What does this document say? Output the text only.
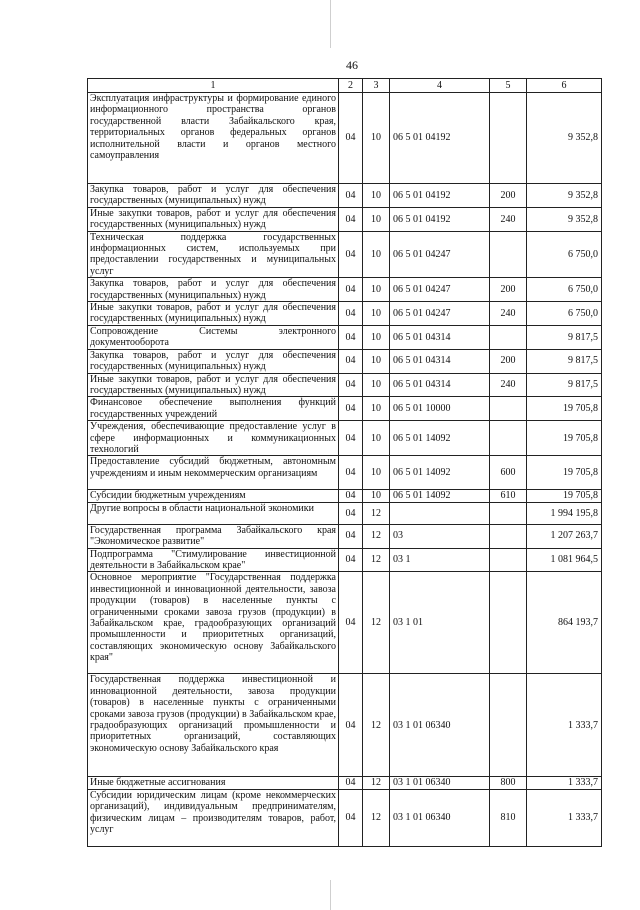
46
1	2	3	4	5	6
Эксплуатация инфраструктуры и формирование единого информационного пространства органов государственной власти Забайкальского края, территориальных органов федеральных органов исполнительной власти и органов местного самоуправления	04	10	06 5 01 04192		9 352,8
Закупка товаров, работ и услуг для обеспечения государственных (муниципальных) нужд	04	10	06 5 01 04192	200	9 352,8
Иные закупки товаров, работ и услуг для обеспечения государственных (муниципальных) нужд	04	10	06 5 01 04192	240	9 352,8
Техническая поддержка государственных информационных систем, используемых при предоставлении государственных и муниципальных услуг	04	10	06 5 01 04247		6 750,0
Закупка товаров, работ и услуг для обеспечения государственных (муниципальных) нужд	04	10	06 5 01 04247	200	6 750,0
Иные закупки товаров, работ и услуг для обеспечения государственных (муниципальных) нужд	04	10	06 5 01 04247	240	6 750,0
Сопровождение Системы электронного документооборота	04	10	06 5 01 04314		9 817,5
Закупка товаров, работ и услуг для обеспечения государственных (муниципальных) нужд	04	10	06 5 01 04314	200	9 817,5
Иные закупки товаров, работ и услуг для обеспечения государственных (муниципальных) нужд	04	10	06 5 01 04314	240	9 817,5
Финансовое обеспечение выполнения функций государственных учреждений	04	10	06 5 01 10000		19 705,8
Учреждения, обеспечивающие предоставление услуг в сфере информационных и коммуникационных технологий	04	10	06 5 01 14092		19 705,8
Предоставление субсидий бюджетным, автономным учреждениям и иным некоммерческим организациям	04	10	06 5 01 14092	600	19 705,8
Субсидии бюджетным учреждениям	04	10	06 5 01 14092	610	19 705,8
Другие вопросы в области национальной экономики	04	12			1 994 195,8
Государственная программа Забайкальского края "Экономическое развитие"	04	12	03		1 207 263,7
Подпрограмма "Стимулирование инвестиционной деятельности в Забайкальском крае"	04	12	03 1		1 081 964,5
Основное мероприятие "Государственная поддержка инвестиционной и инновационной деятельности, завоза продукции (товаров) в населенные пункты с ограниченными сроками завоза грузов (продукции) в Забайкальском крае, градообразующих организаций промышленности и приоритетных организаций, составляющих экономическую основу Забайкальского края"	04	12	03 1 01		864 193,7
Государственная поддержка инвестиционной и инновационной деятельности, завоза продукции (товаров) в населенные пункты с ограниченными сроками завоза грузов (продукции) в Забайкальском крае, градообразующих организаций промышленности и приоритетных организаций, составляющих экономическую основу Забайкальского края	04	12	03 1 01 06340		1 333,7
Иные бюджетные ассигнования	04	12	03 1 01 06340	800	1 333,7
Субсидии юридическим лицам (кроме некоммерческих организаций), индивидуальным предпринимателям, физическим лицам – производителям товаров, работ, услуг	04	12	03 1 01 06340	810	1 333,7
